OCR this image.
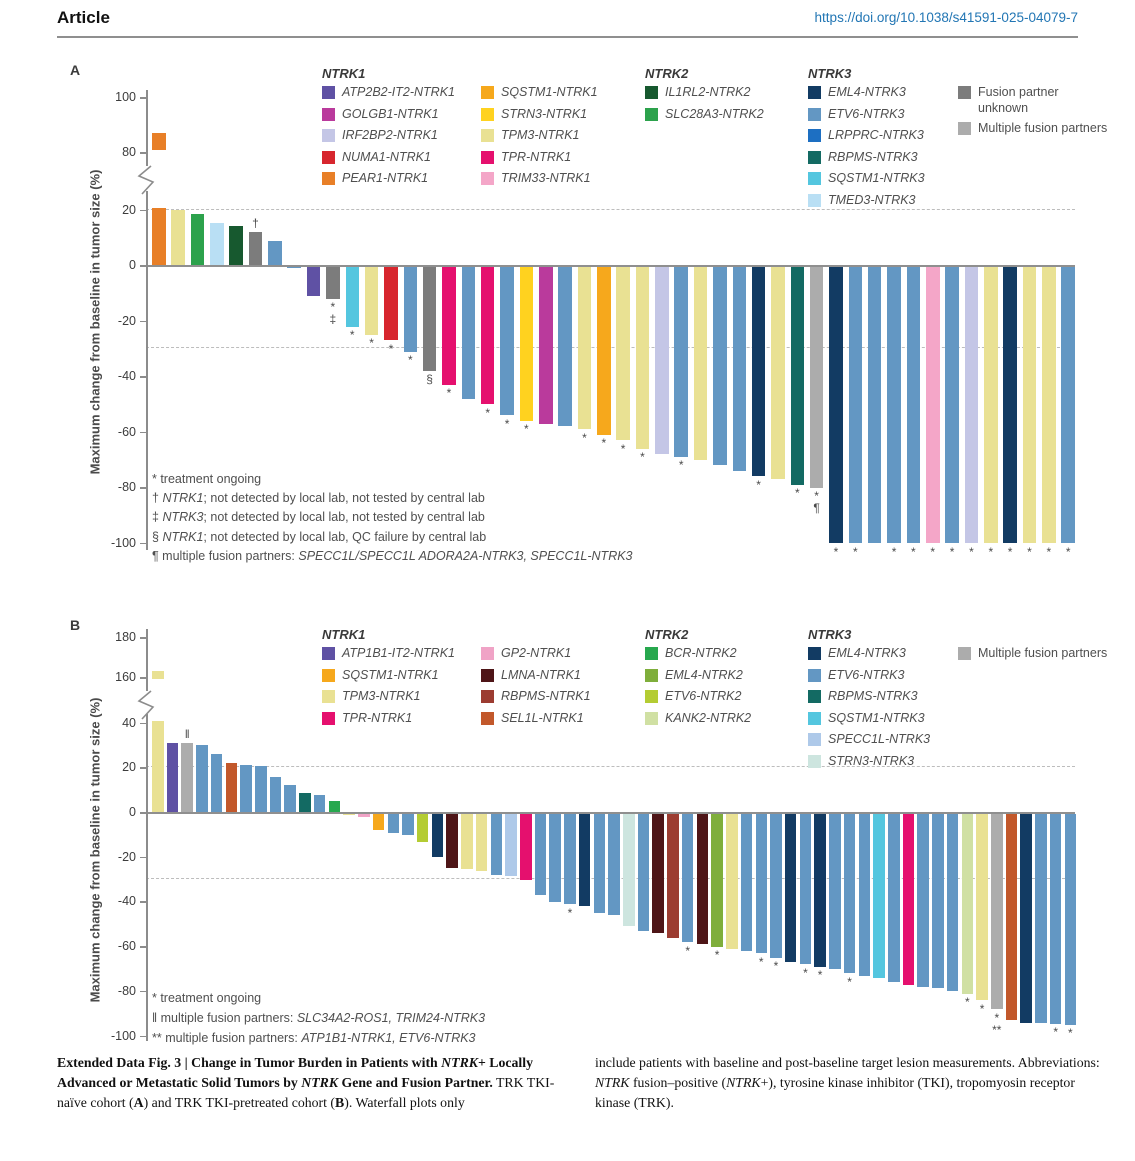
Article	https://doi.org/10.1038/s41591-025-04079-7
A
Maximum change from baseline in tumor size (%)
100
80
20
0
-20
-40
-60
-80
-100
†
*
‡
*
*	*
*
§
*
*
*	*
*	*	*
*
*
*
*	*
¶
*	*	*	*	*	*	*	*	*	*	*	*
NTRK1
ATP2B2-IT2-NTRK1
GOLGB1-NTRK1
IRF2BP2-NTRK1
NUMA1-NTRK1
PEAR1-NTRK1
SQSTM1-NTRK1
STRN3-NTRK1
TPM3-NTRK1
TPR-NTRK1
TRIM33-NTRK1
NTRK2
IL1RL2-NTRK2
SLC28A3-NTRK2
NTRK3
EML4-NTRK3
ETV6-NTRK3
LRPPRC-NTRK3
RBPMS-NTRK3
SQSTM1-NTRK3
TMED3-NTRK3
Fusion partner unknown
Multiple fusion partners
* treatment ongoing
† NTRK1; not detected by local lab, not tested by central lab
‡ NTRK3; not detected by local lab, not tested by central lab
§ NTRK1; not detected by local lab, QC failure by central lab
¶ multiple fusion partners: SPECC1L/SPECC1L ADORA2A-NTRK3, SPECC1L-NTRK3
B
Maximum change from baseline in tumor size (%)
180
160
40
20
0
-20
-40
-60
-80
-100
‖
*
*	*	* *	* *	*
* *
*
**	* *
NTRK1
ATP1B1-IT2-NTRK1
SQSTM1-NTRK1
TPM3-NTRK1
TPR-NTRK1
GP2-NTRK1
LMNA-NTRK1
RBPMS-NTRK1
SEL1L-NTRK1
NTRK2
BCR-NTRK2
EML4-NTRK2
ETV6-NTRK2
KANK2-NTRK2
NTRK3
EML4-NTRK3
ETV6-NTRK3
RBPMS-NTRK3
SQSTM1-NTRK3
SPECC1L-NTRK3
STRN3-NTRK3
Multiple fusion partners
* treatment ongoing
‖ multiple fusion partners: SLC34A2-ROS1, TRIM24-NTRK3
** multiple fusion partners: ATP1B1-NTRK1, ETV6-NTRK3
Extended Data Fig. 3 | Change in Tumor Burden in Patients with NTRK+ Locally Advanced or Metastatic Solid Tumors by NTRK Gene and Fusion Partner. TRK TKI-naïve cohort (A) and TRK TKI-pretreated cohort (B). Waterfall plots only
include patients with baseline and post-baseline target lesion measurements. Abbreviations: NTRK fusion–positive (NTRK+), tyrosine kinase inhibitor (TKI), tropomyosin receptor kinase (TRK).
